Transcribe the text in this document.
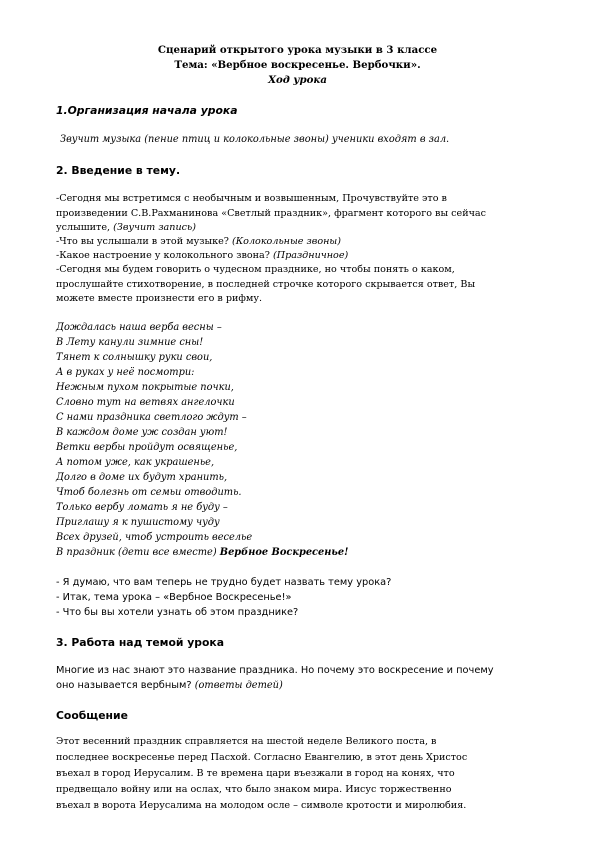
Сценарий открытого урока музыки в 3 классе
Тема: «Вербное воскресенье. Вербочки».
Ход урока
1.Организация начала урока
Звучит музыка (пение птиц и колокольные звоны) ученики входят в зал.
2. Введение в тему.
-Сегодня мы встретимся с необычным и возвышенным, Прочувствуйте это в
произведении С.В.Рахманинова «Светлый праздник», фрагмент которого вы сейчас
услышите, (Звучит запись)
-Что вы услышали в этой музыке? (Колокольные звоны)
-Какое настроение у колокольного звона? (Праздничное)
-Сегодня мы будем говорить о чудесном празднике, но чтобы понять о каком,
прослушайте стихотворение, в последней строчке которого скрывается ответ, Вы
можете вместе произнести его в рифму.
Дождалась наша верба весны –
В Лету канули зимние сны!
Тянет к солнышку руки свои,
А в руках у неё посмотри:
Нежным пухом покрытые почки,
Словно тут на ветвях ангелочки
С нами праздника светлого ждут –
В каждом доме уж создан уют!
Ветки вербы пройдут освященье,
А потом уже, как украшенье,
Долго в доме их будут хранить,
Чтоб болезнь от семьи отводить.
Только вербу ломать я не буду –
Приглашу я к пушистому чуду
Всех друзей, чтоб устроить веселье
В праздник (дети все вместе) Вербное Воскресенье!
- Я думаю, что вам теперь не трудно будет назвать тему урока?
- Итак, тема урока – «Вербное Воскресенье!»
- Что бы вы хотели узнать об этом празднике?
3. Работа над темой урока
Многие из нас знают это название праздника. Но почему это воскресение и почему
оно называется вербным? (ответы детей)
Сообщение
Этот весенний праздник справляется на шестой неделе Великого поста, в
последнее воскресенье перед Пасхой. Согласно Евангелию, в этот день Христос
въехал в город Иерусалим. В те времена цари въезжали в город на конях, что
предвещало войну или на ослах, что было знаком мира. Иисус торжественно
въехал в ворота Иерусалима на молодом осле – символе кротости и миролюбия.
